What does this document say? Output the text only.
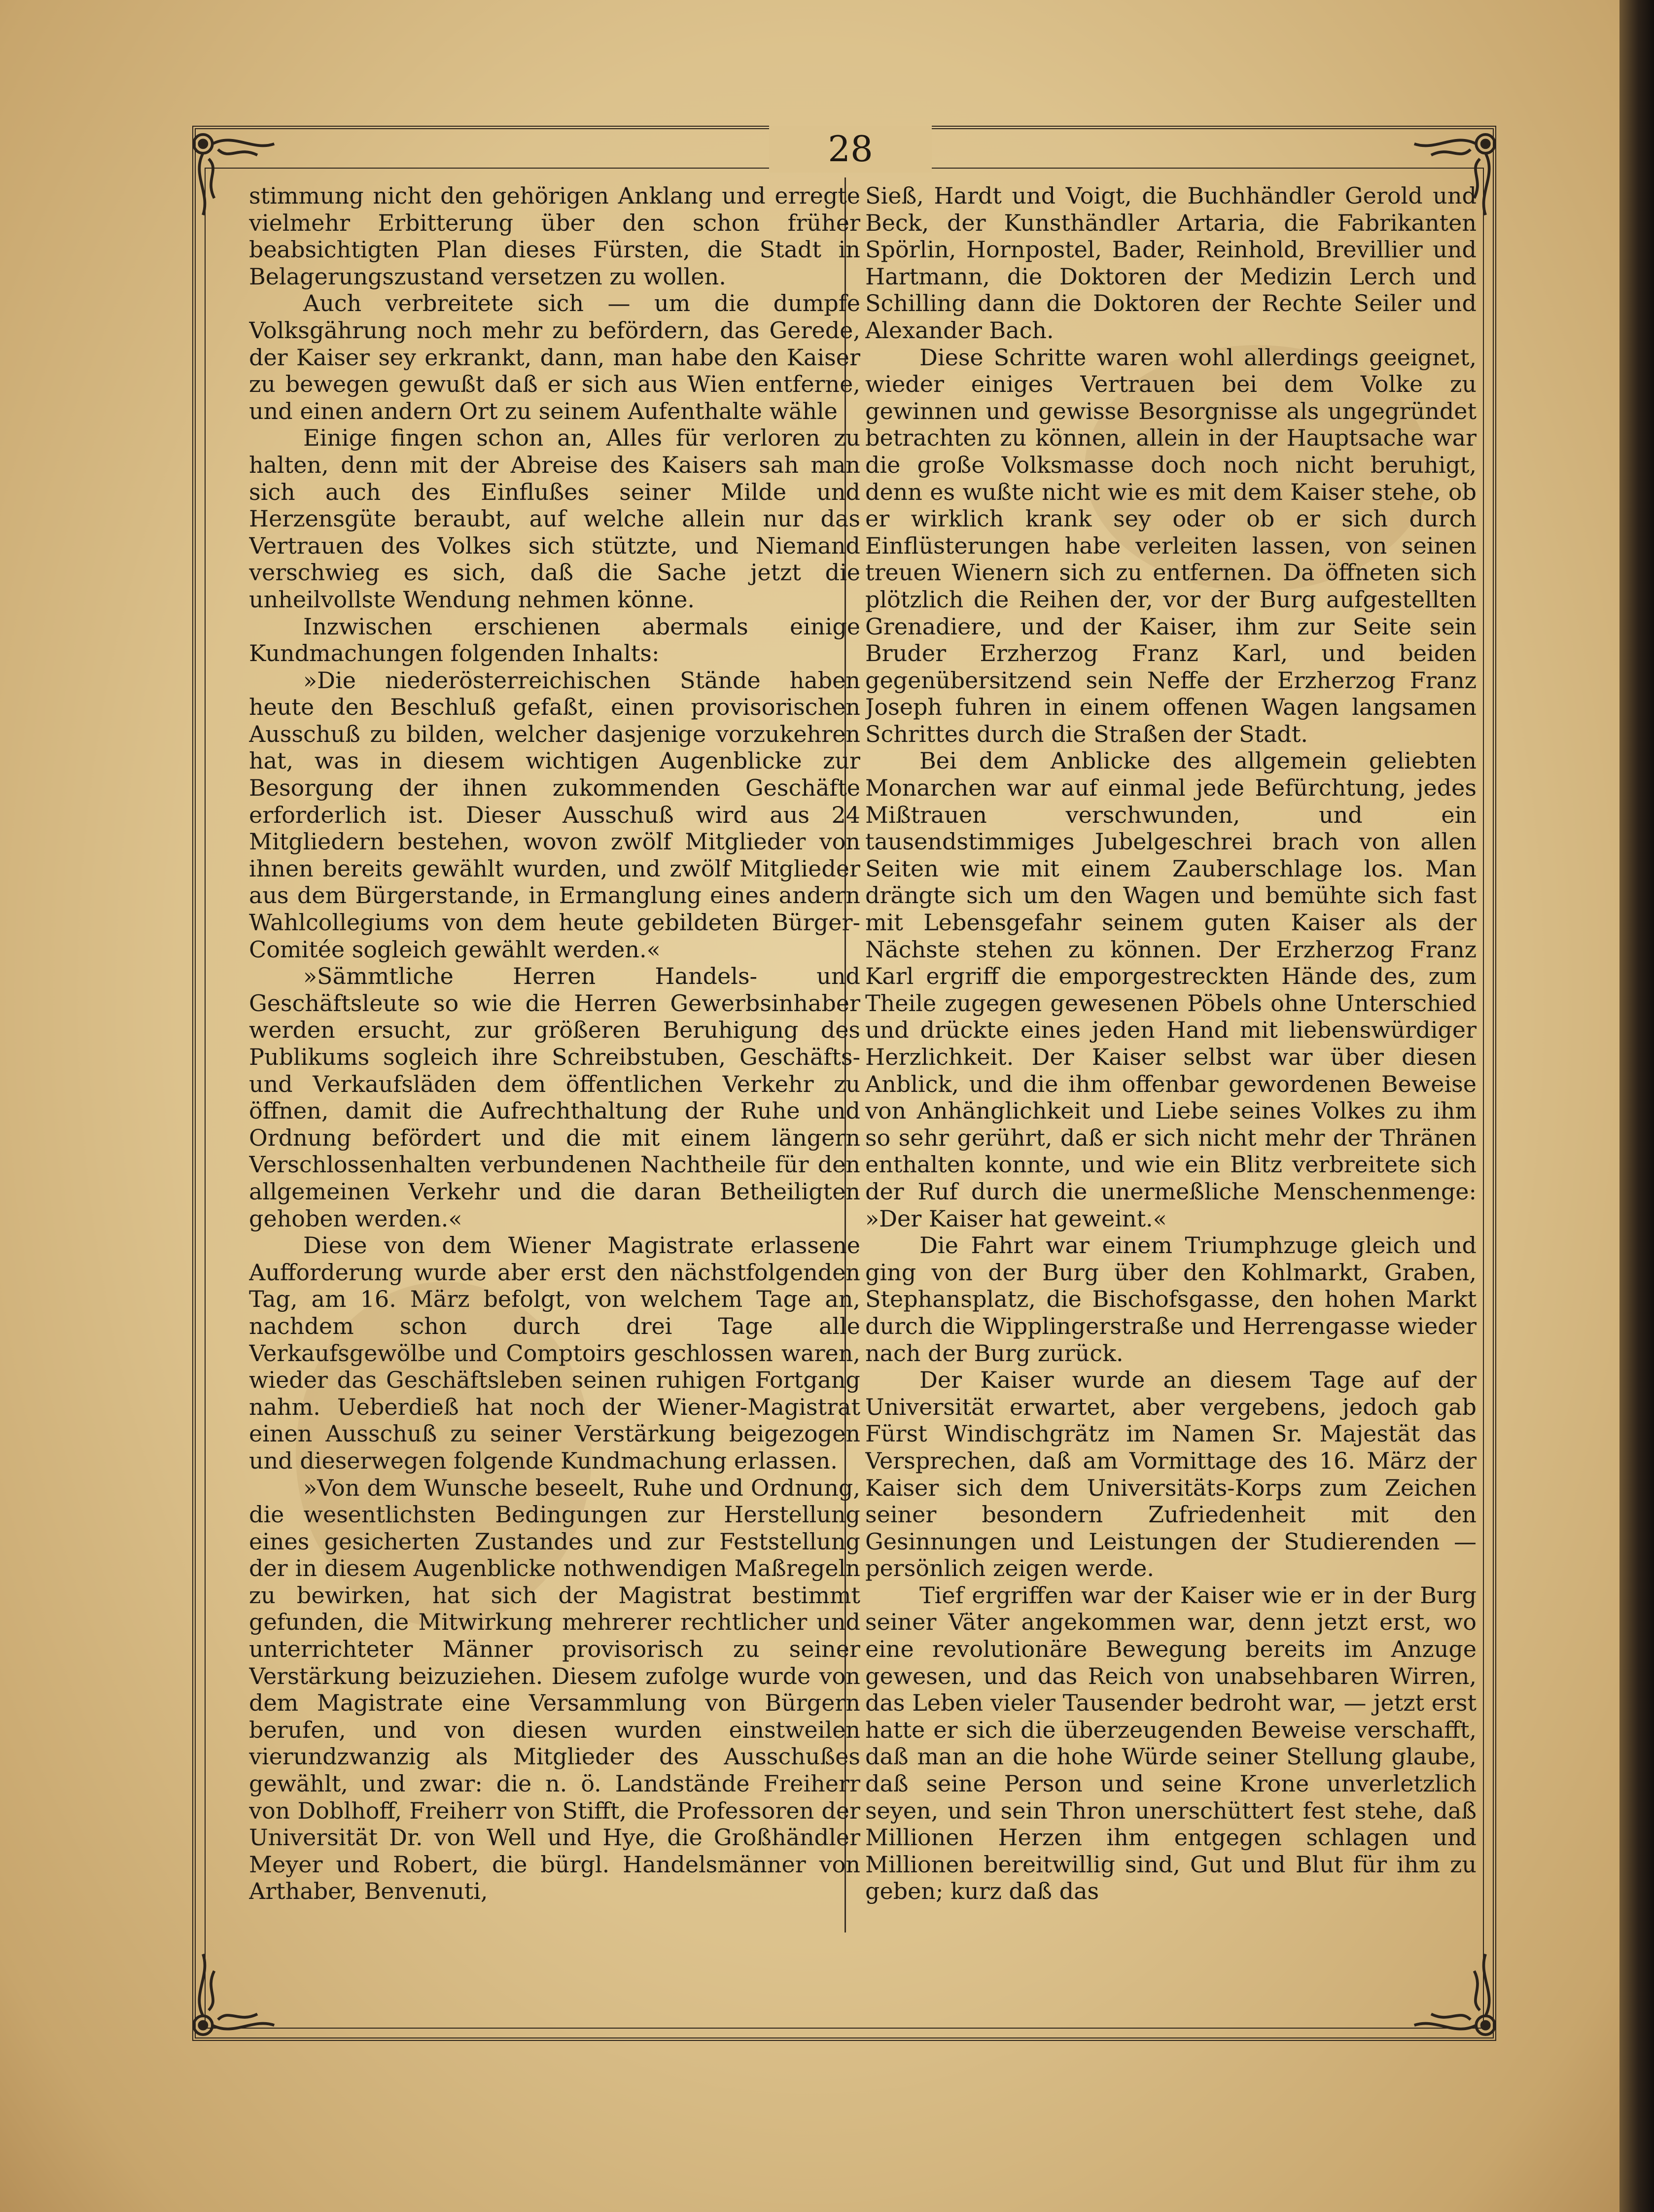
28

stimmung nicht den gehörigen Anklang und erregte vielmehr Erbitterung über den schon früher beabsichtigten Plan dieses Fürsten, die Stadt in Belagerungszustand versetzen zu wollen.

Auch verbreitete sich — um die dumpfe Volksgährung noch mehr zu befördern, das Gerede, der Kaiser sey erkrankt, dann, man habe den Kaiser zu bewegen gewußt daß er sich aus Wien entferne, und einen andern Ort zu seinem Aufenthalte wähle

Einige fingen schon an, Alles für verloren zu halten, denn mit der Abreise des Kaisers sah man sich auch des Einflußes seiner Milde und Herzensgüte beraubt, auf welche allein nur das Vertrauen des Volkes sich stützte, und Niemand verschwieg es sich, daß die Sache jetzt die unheilvollste Wendung nehmen könne.

Inzwischen erschienen abermals einige Kundmachungen folgenden Inhalts:

»Die niederösterreichischen Stände haben heute den Beschluß gefaßt, einen provisorischen Ausschuß zu bilden, welcher dasjenige vorzukehren hat, was in diesem wichtigen Augenblicke zur Besorgung der ihnen zukommenden Geschäfte erforderlich ist. Dieser Ausschuß wird aus 24 Mitgliedern bestehen, wovon zwölf Mitglieder von ihnen bereits gewählt wurden, und zwölf Mitglieder aus dem Bürgerstande, in Ermanglung eines andern Wahlcollegiums von dem heute gebildeten Bürger-Comitée sogleich gewählt werden.«

»Sämmtliche Herren Handels- und Geschäftsleute so wie die Herren Gewerbsinhaber werden ersucht, zur größeren Beruhigung des Publikums sogleich ihre Schreibstuben, Geschäfts- und Verkaufsläden dem öffentlichen Verkehr zu öffnen, damit die Aufrechthaltung der Ruhe und Ordnung befördert und die mit einem längern Verschlossenhalten verbundenen Nachtheile für den allgemeinen Verkehr und die daran Betheiligten gehoben werden.«

Diese von dem Wiener Magistrate erlassene Aufforderung wurde aber erst den nächstfolgenden Tag, am 16. März befolgt, von welchem Tage an, nachdem schon durch drei Tage alle Verkaufsgewölbe und Comptoirs geschlossen waren, wieder das Geschäftsleben seinen ruhigen Fortgang nahm. Ueberdieß hat noch der Wiener-Magistrat einen Ausschuß zu seiner Verstärkung beigezogen und dieserwegen folgende Kundmachung erlassen.

»Von dem Wunsche beseelt, Ruhe und Ordnung, die wesentlichsten Bedingungen zur Herstellung eines gesicherten Zustandes und zur Feststellung der in diesem Augenblicke nothwendigen Maßregeln zu bewirken, hat sich der Magistrat bestimmt gefunden, die Mitwirkung mehrerer rechtlicher und unterrichteter Männer provisorisch zu seiner Verstärkung beizuziehen. Diesem zufolge wurde von dem Magistrate eine Versammlung von Bürgern berufen, und von diesen wurden einstweilen vierundzwanzig als Mitglieder des Ausschußes gewählt, und zwar: die n. ö. Landstände Freiherr von Doblhoff, Freiherr von Stifft, die Professoren der Universität Dr. von Well und Hye, die Großhändler Meyer und Robert, die bürgl. Handelsmänner von Arthaber, Benvenuti,

Sieß, Hardt und Voigt, die Buchhändler Gerold und Beck, der Kunsthändler Artaria, die Fabrikanten Spörlin, Hornpostel, Bader, Reinhold, Brevillier und Hartmann, die Doktoren der Medizin Lerch und Schilling dann die Doktoren der Rechte Seiler und Alexander Bach.

Diese Schritte waren wohl allerdings geeignet, wieder einiges Vertrauen bei dem Volke zu gewinnen und gewisse Besorgnisse als ungegründet betrachten zu können, allein in der Hauptsache war die große Volksmasse doch noch nicht beruhigt, denn es wußte nicht wie es mit dem Kaiser stehe, ob er wirklich krank sey oder ob er sich durch Einflüsterungen habe verleiten lassen, von seinen treuen Wienern sich zu entfernen. Da öffneten sich plötzlich die Reihen der, vor der Burg aufgestellten Grenadiere, und der Kaiser, ihm zur Seite sein Bruder Erzherzog Franz Karl, und beiden gegenübersitzend sein Neffe der Erzherzog Franz Joseph fuhren in einem offenen Wagen langsamen Schrittes durch die Straßen der Stadt.

Bei dem Anblicke des allgemein geliebten Monarchen war auf einmal jede Befürchtung, jedes Mißtrauen verschwunden, und ein tausendstimmiges Jubelgeschrei brach von allen Seiten wie mit einem Zauberschlage los. Man drängte sich um den Wagen und bemühte sich fast mit Lebensgefahr seinem guten Kaiser als der Nächste stehen zu können. Der Erzherzog Franz Karl ergriff die emporgestreckten Hände des, zum Theile zugegen gewesenen Pöbels ohne Unterschied und drückte eines jeden Hand mit liebenswürdiger Herzlichkeit. Der Kaiser selbst war über diesen Anblick, und die ihm offenbar gewordenen Beweise von Anhänglichkeit und Liebe seines Volkes zu ihm so sehr gerührt, daß er sich nicht mehr der Thränen enthalten konnte, und wie ein Blitz verbreitete sich der Ruf durch die unermeßliche Menschenmenge: »Der Kaiser hat geweint.«

Die Fahrt war einem Triumphzuge gleich und ging von der Burg über den Kohlmarkt, Graben, Stephansplatz, die Bischofsgasse, den hohen Markt durch die Wipplingerstraße und Herrengasse wieder nach der Burg zurück.

Der Kaiser wurde an diesem Tage auf der Universität erwartet, aber vergebens, jedoch gab Fürst Windischgrätz im Namen Sr. Majestät das Versprechen, daß am Vormittage des 16. März der Kaiser sich dem Universitäts-Korps zum Zeichen seiner besondern Zufriedenheit mit den Gesinnungen und Leistungen der Studierenden — persönlich zeigen werde.

Tief ergriffen war der Kaiser wie er in der Burg seiner Väter angekommen war, denn jetzt erst, wo eine revolutionäre Bewegung bereits im Anzuge gewesen, und das Reich von unabsehbaren Wirren, das Leben vieler Tausender bedroht war, — jetzt erst hatte er sich die überzeugenden Beweise verschafft, daß man an die hohe Würde seiner Stellung glaube, daß seine Person und seine Krone unverletzlich seyen, und sein Thron unerschüttert fest stehe, daß Millionen Herzen ihm entgegen schlagen und Millionen bereitwillig sind, Gut und Blut für ihm zu geben; kurz daß das
